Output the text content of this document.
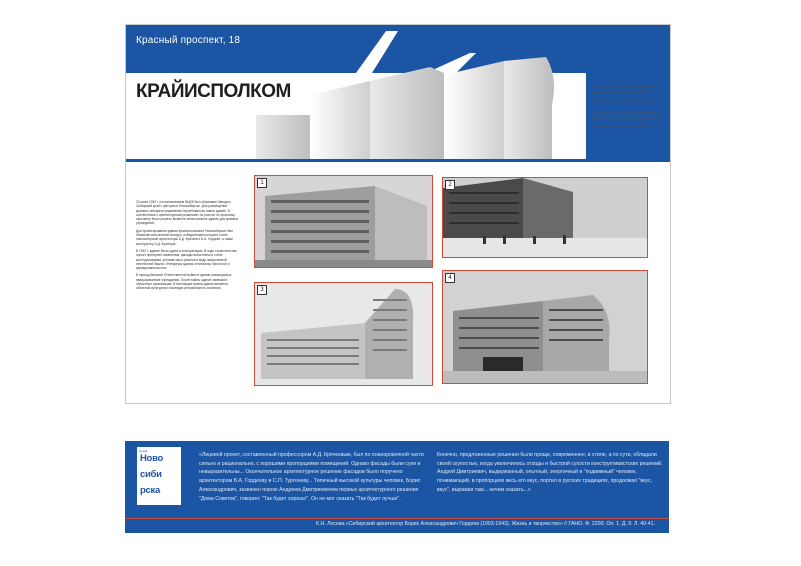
Красный проспект, 18
КРАЙИСПОЛКОМ	1. Здание Западно-Сибирского Краевого Исполнительного комитета. 1932 г.
2. Строительство здания Крайисполкома. 1932 г.
3. Здание Западно-Сибирского Краевого Исполнительного комитета. Перспектива.
4. Здание Крайисполкома. 1930-е гг.

23 июля 1930 г. постановлением ВЦИК был образован Западно-Сибирский край с центром в Новосибирске. Для размещения краевого аппарата управления потребовалось новое здание. В соответствии с архитектурным решением, на участке по Красному проспекту было решено возвести многоэтажное здание для краевых учреждений.

Для проектирования здания Крайисполкома в Новосибирске был объявлен всесоюзный конкурс, победителями которого стали новосибирские архитекторы А.Д. Крячков и Б.А. Гордеев, а также конструктор А.Д. Кузнецов.

В 1932 г. здание было сдано в эксплуатацию. В ходе строительства проект претерпел изменения: фасады выполнены в стиле конструктивизма, угловая часть решена в виде закругленной лестничной башни. Интерьеры здания отличались простотой и функциональностью.

В период Великой Отечественной войны в здании размещались эвакуированные учреждения. После войны здание занимали областные организации. В настоящее время здание является объектом культурного наследия регионального значения.

1	2
3
4
музей
Ново
сиби
рска
«Лицевой проект, составленный профессором А.Д. Крячковым, был по планировочной части сильно и рационально, с хорошими пропорциями помещений. Однако фасады были сухи и невыразительны... Окончательное архитектурное решение фасадов было поручено архитекторам Б.А. Гордееву и С.П. Тургеневу... Типичный высокой культуры человек, Борис Александрович, захвачен порою Андреем Дмитриевичем первых архитектурного решения "Дома Советов", говорил: "Так будет хорошо". Он не мог сказать "Так будет лучше".
Конечно, предложенные решения были проще, современнее, в стиле, а по сути, обладали своей скупостью, когда увеличились отходы и быстрой сухости конструктивистских решений. Андрей Дмитриевич, выдержанный, опытный, энергичный и "подвижный" человек, понимающий, в пропорциях весь его вкус, портил в русских традициях, продолжая "вкус, вкус", выражая там... нечем сказать...»
К.Н. Лосева «Сибирский архитектор Борис Александрович Гордеев (1903-1943). Жизнь и творчество» // ГАНО. Ф. 2200. Оп. 1. Д. 9. Л. 40-41.
